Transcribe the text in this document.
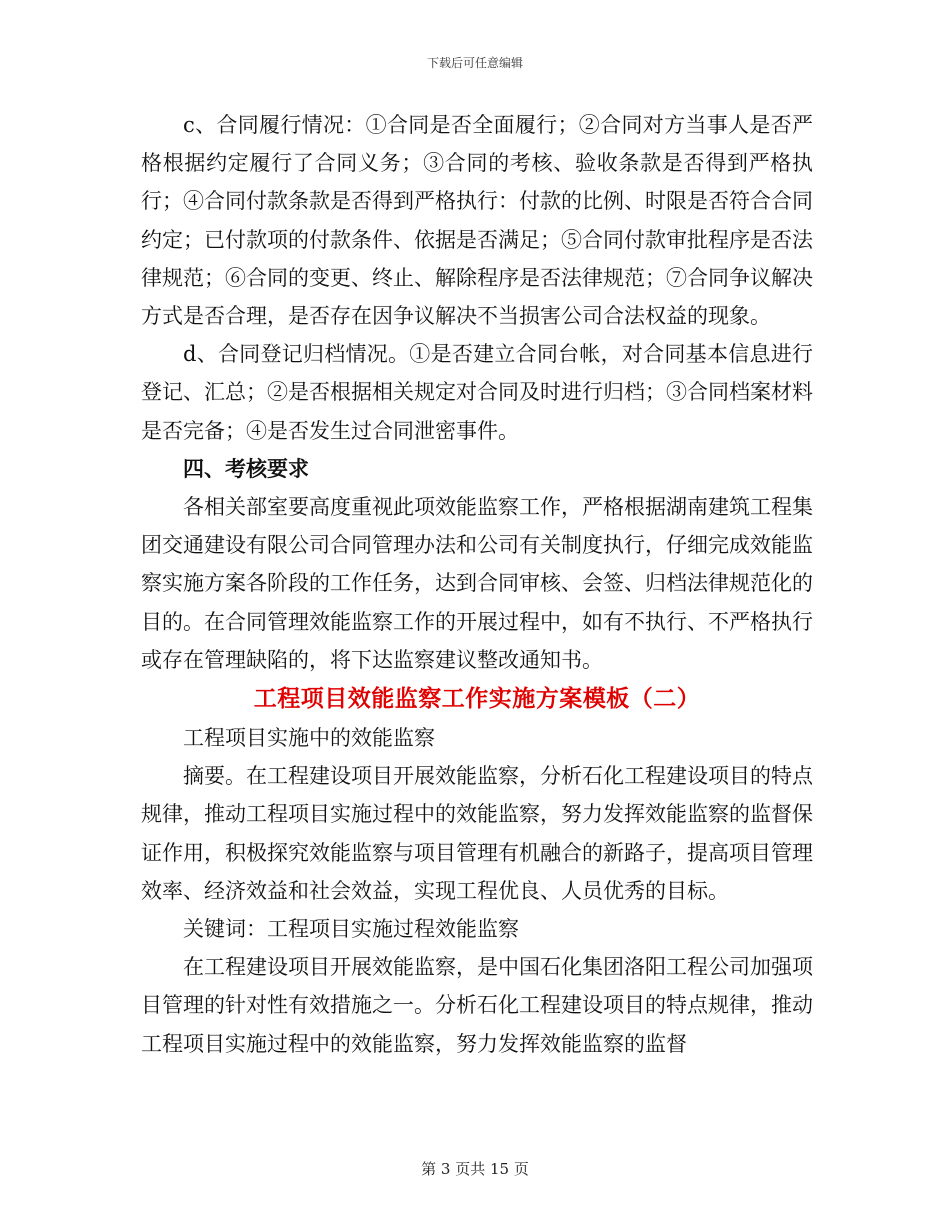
下载后可任意编辑

c、合同履行情况：①合同是否全面履行；②合同对方当事人是否严格根据约定履行了合同义务；③合同的考核、验收条款是否得到严格执行；④合同付款条款是否得到严格执行：付款的比例、时限是否符合合同约定；已付款项的付款条件、依据是否满足；⑤合同付款审批程序是否法律规范；⑥合同的变更、终止、解除程序是否法律规范；⑦合同争议解决方式是否合理，是否存在因争议解决不当损害公司合法权益的现象。

d、合同登记归档情况。①是否建立合同台帐，对合同基本信息进行登记、汇总；②是否根据相关规定对合同及时进行归档；③合同档案材料是否完备；④是否发生过合同泄密事件。

四、考核要求

各相关部室要高度重视此项效能监察工作，严格根据湖南建筑工程集团交通建设有限公司合同管理办法和公司有关制度执行，仔细完成效能监察实施方案各阶段的工作任务，达到合同审核、会签、归档法律规范化的目的。在合同管理效能监察工作的开展过程中，如有不执行、不严格执行或存在管理缺陷的，将下达监察建议整改通知书。

工程项目效能监察工作实施方案模板（二）

工程项目实施中的效能监察

摘要。在工程建设项目开展效能监察，分析石化工程建设项目的特点规律，推动工程项目实施过程中的效能监察，努力发挥效能监察的监督保证作用，积极探究效能监察与项目管理有机融合的新路子，提高项目管理效率、经济效益和社会效益，实现工程优良、人员优秀的目标。

关键词：工程项目实施过程效能监察

在工程建设项目开展效能监察，是中国石化集团洛阳工程公司加强项目管理的针对性有效措施之一。分析石化工程建设项目的特点规律，推动工程项目实施过程中的效能监察，努力发挥效能监察的监督

第 3 页共 15 页
